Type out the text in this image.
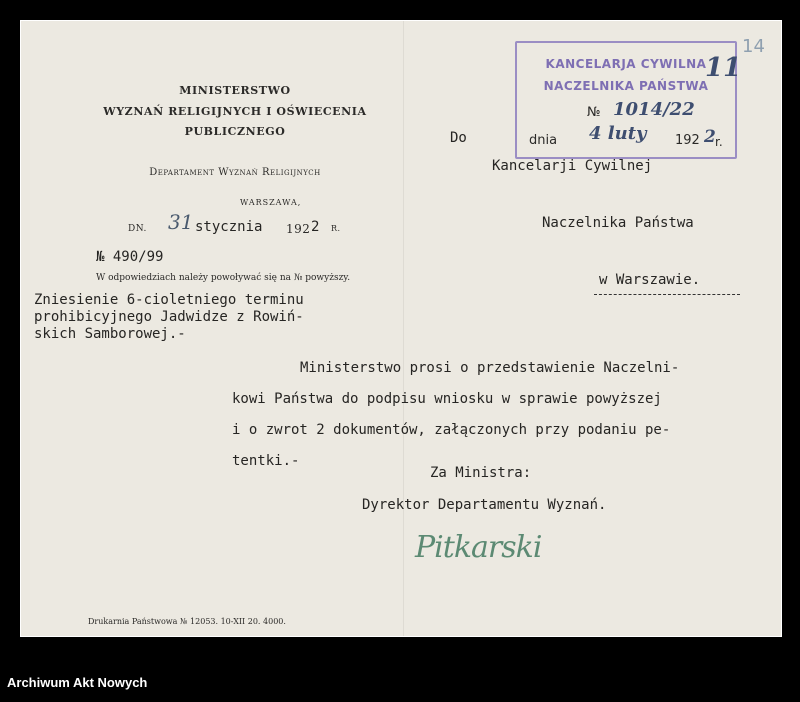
MINISTERSTWO
WYZNAŃ RELIGIJNYCH I OŚWIECENIA
PUBLICZNEGO
Departament Wyznań Religijnych
WARSZAWA,
DN. 31 stycznia 192 2 R.
№ 490/99
W odpowiedziach należy powoływać się na № powyższy.
Zniesienie 6-cioletniego terminu
prohibicyjnego Jadwidze z Rowiń-
skich Samborowej.-
Do
Kancelarji Cywilnej
Naczelnika Państwa
w Warszawie.
KANCELARJA CYWILNA
NACZELNIKA PAŃSTWA
№ 1014/22
dnia 4 luty 192 2 r.
11
14
Ministerstwo prosi o przedstawienie Naczelni-
kowi Państwa do podpisu wniosku w sprawie powyższej
i o zwrot 2 dokumentów, załączonych przy podaniu pe-
tentki.-
Za Ministra:
Dyrektor Departamentu Wyznań.
Pitkarski
Drukarnia Państwowa № 12053. 10-XII 20. 4000.
Archiwum Akt Nowych
